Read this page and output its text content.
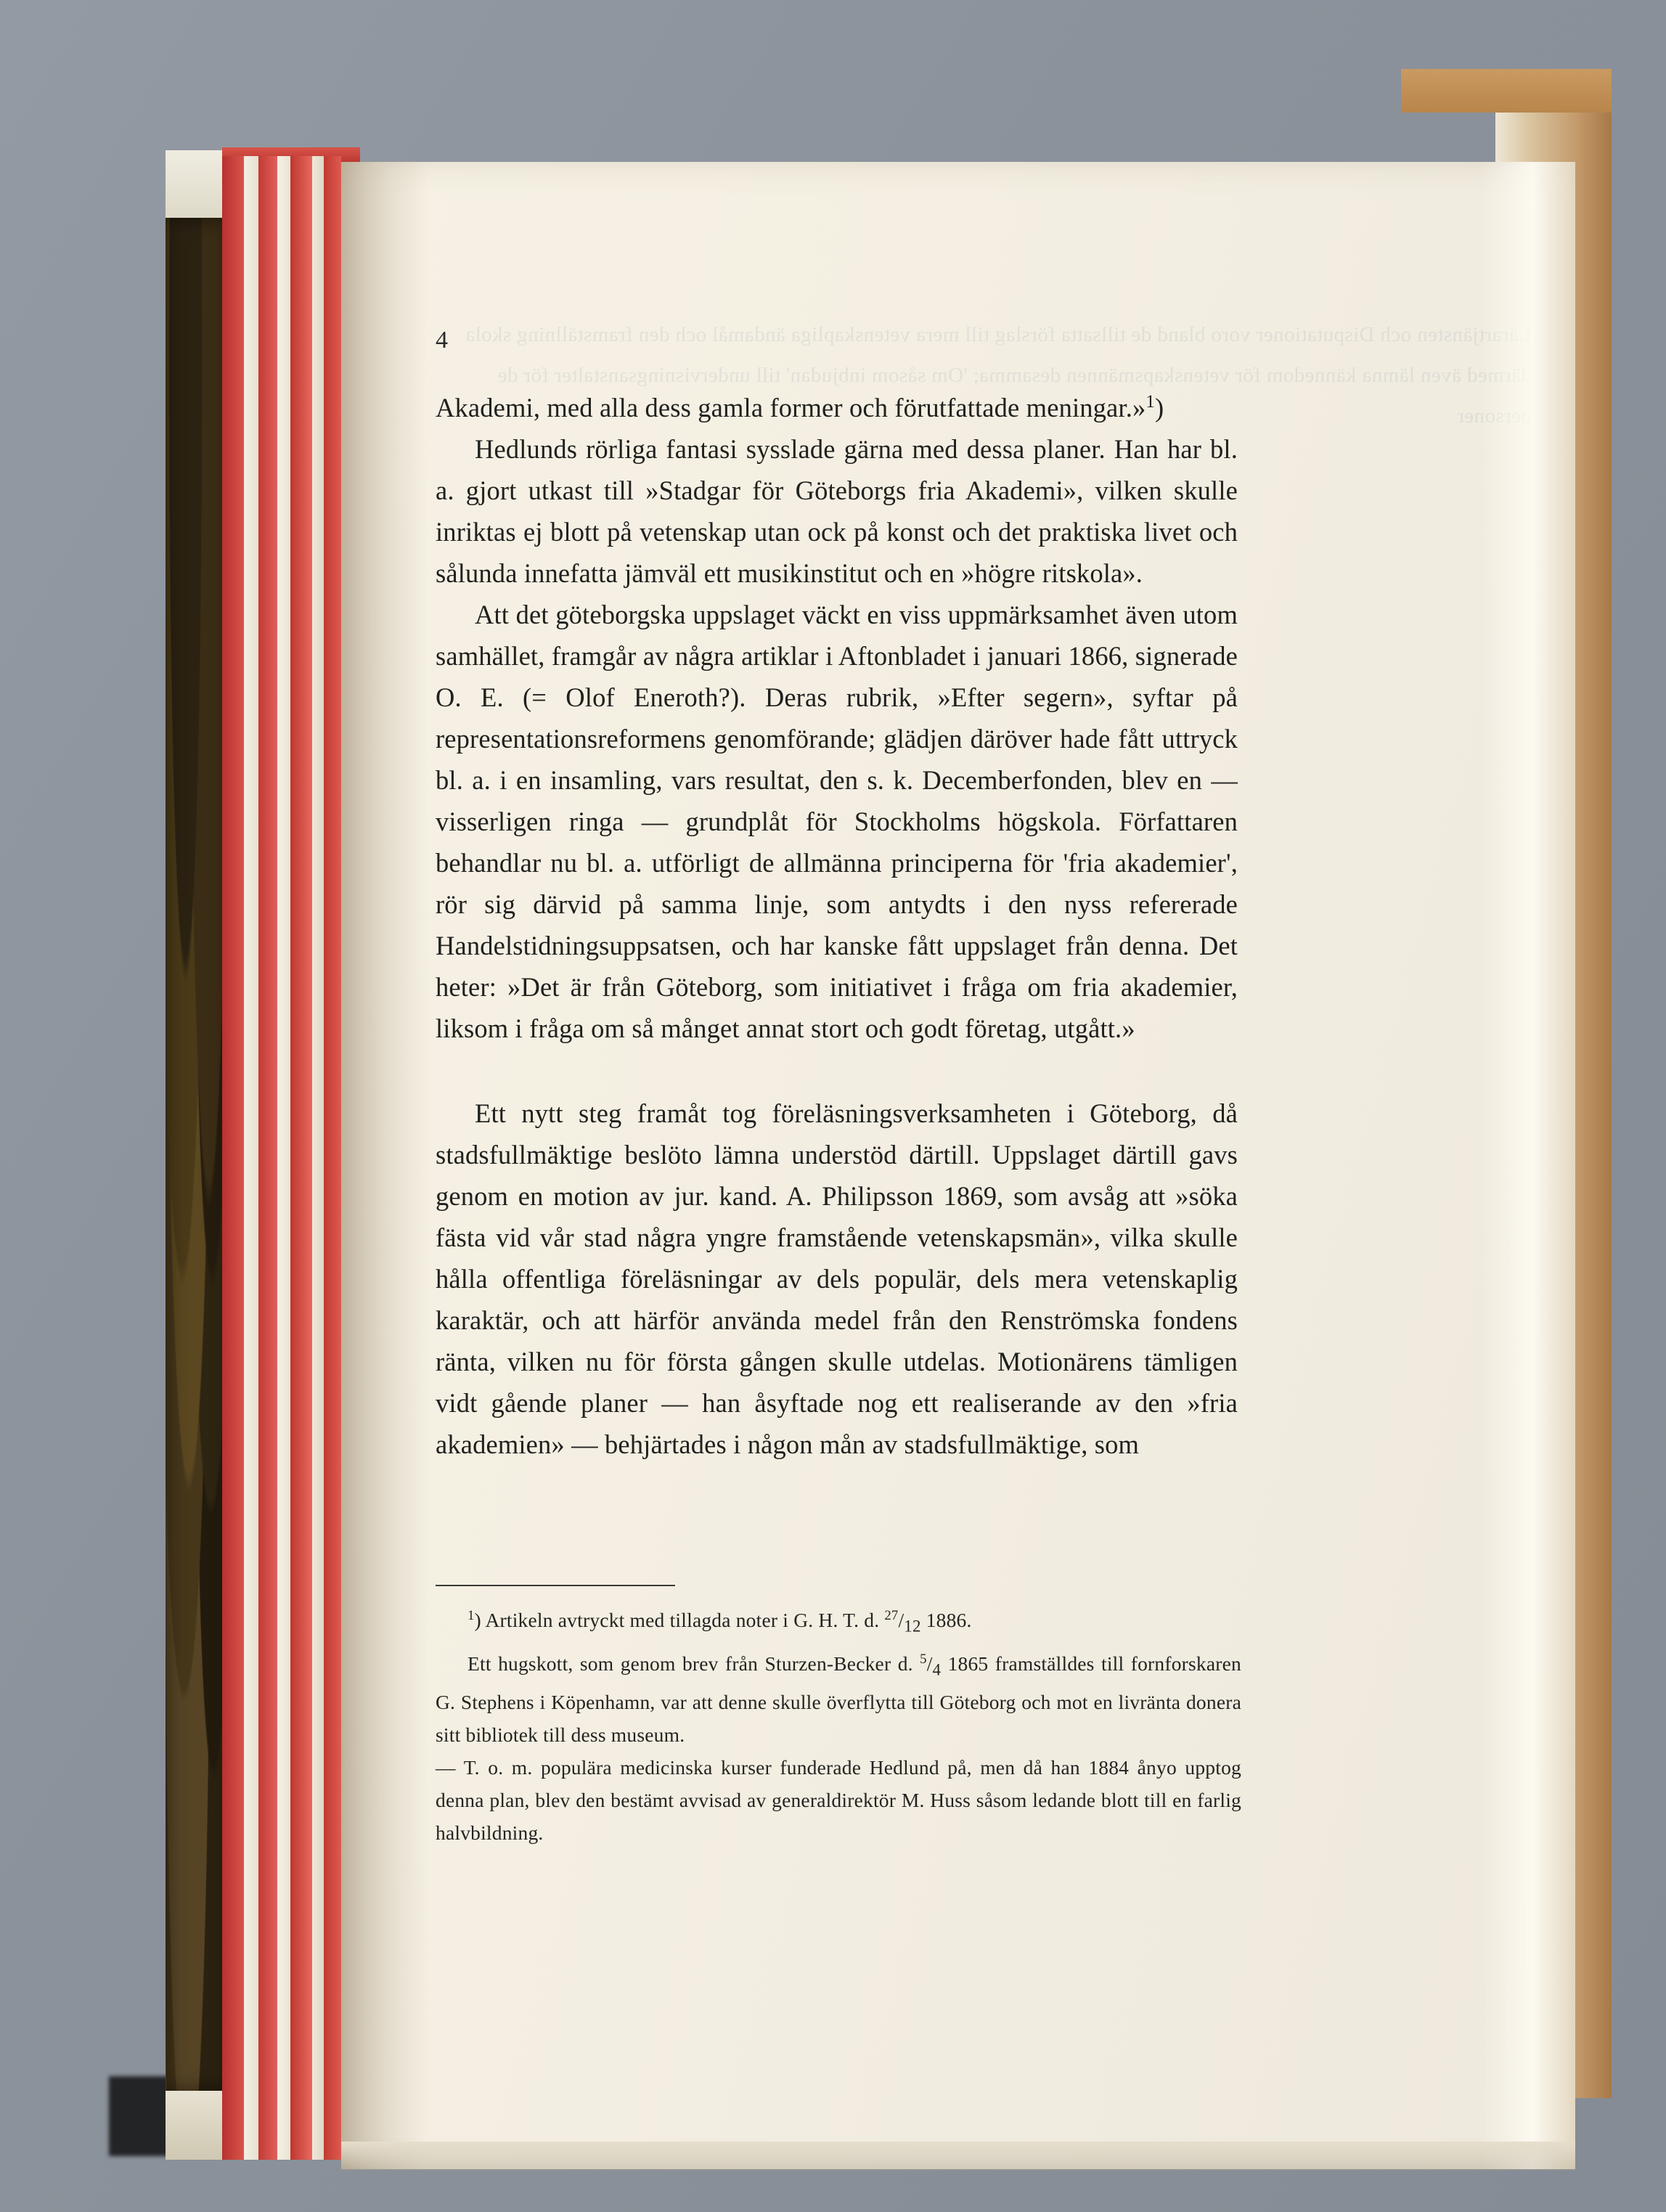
Lärartjänsten och Disputationer voro bland de tillsatta förslag till mera vetenskapliga ändamål och den framställning skola därmed även lämna kännedom för vetenskapsmännen desamma; 'Om såsom inbjudan' till undervisningsanstalter för de personer
4

Akademi, med alla dess gamla former och förutfattade meningar.»$^1$)

Hedlunds rörliga fantasi sysslade gärna med dessa planer. Han har bl. a. gjort utkast till »Stadgar för Göteborgs fria Akademi», vilken skulle inriktas ej blott på vetenskap utan ock på konst och det praktiska livet och sålunda innefatta jämväl ett musikinstitut och en »högre ritskola».

Att det göteborgska uppslaget väckt en viss uppmärksamhet även utom samhället, framgår av några artiklar i Aftonbladet i januari 1866, signerade O. E. (= Olof Eneroth?). Deras rubrik, »Efter segern», syftar på representationsreformens genomförande; glädjen däröver hade fått uttryck bl. a. i en insamling, vars resultat, den s. k. Decemberfonden, blev en — visserligen ringa — grundplåt för Stockholms högskola. Författaren behandlar nu bl. a. utförligt de allmänna principerna för 'fria akademier', rör sig därvid på samma linje, som antydts i den nyss refererade Handelstidningsuppsatsen, och har kanske fått uppslaget från denna. Det heter: »Det är från Göteborg, som initiativet i fråga om fria akademier, liksom i fråga om så månget annat stort och godt företag, utgått.»

Ett nytt steg framåt tog föreläsningsverksamheten i Göteborg, då stadsfullmäktige beslöto lämna understöd därtill. Uppslaget därtill gavs genom en motion av jur. kand. A. Philipsson 1869, som avsåg att »söka fästa vid vår stad några yngre framstående vetenskapsmän», vilka skulle hålla offentliga föreläsningar av dels populär, dels mera vetenskaplig karaktär, och att härför använda medel från den Renströmska fondens ränta, vilken nu för första gången skulle utdelas. Motionärens tämligen vidt gående planer — han åsyftade nog ett realiserande av den »fria akademien» — behjärtades i någon mån av stadsfullmäktige, som

$^1$) Artikeln avtryckt med tillagda noter i G. H. T. d. $^{27}/_{12}$ 1886.

Ett hugskott, som genom brev från Sturzen-Becker d. $^5/_4$ 1865 framställdes till fornforskaren G. Stephens i Köpenhamn, var att denne skulle överflytta till Göteborg och mot en livränta donera sitt bibliotek till dess museum.

— T. o. m. populära medicinska kurser funderade Hedlund på, men då han 1884 ånyo upptog denna plan, blev den bestämt avvisad av generaldirektör M. Huss såsom ledande blott till en farlig halvbildning.
